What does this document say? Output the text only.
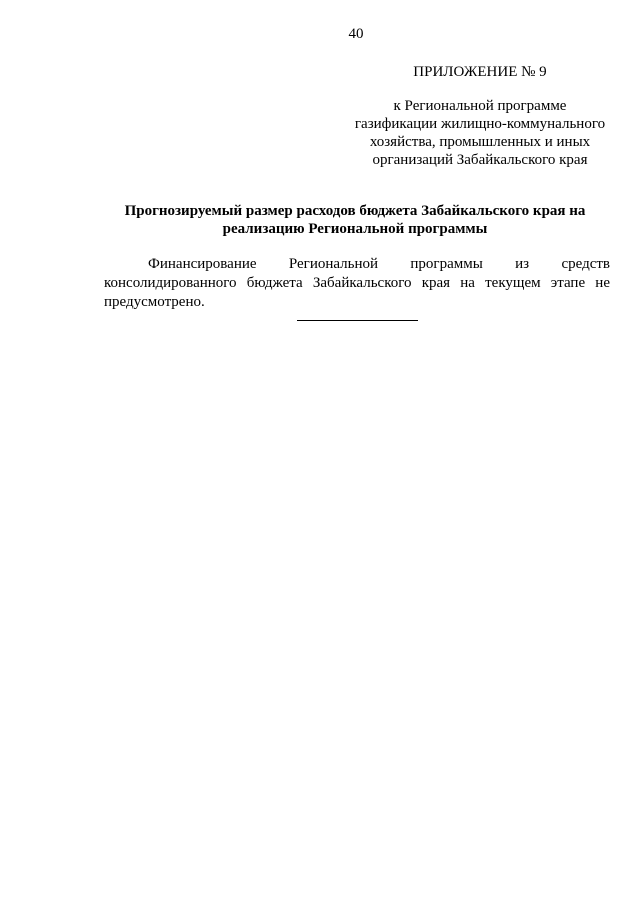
40
ПРИЛОЖЕНИЕ № 9
к Региональной программе
газификации жилищно-коммунального
хозяйства, промышленных и иных
организаций Забайкальского края
Прогнозируемый размер расходов бюджета Забайкальского края на
реализацию Региональной программы

Финансирование Региональной программы из средств консолидированного бюджета Забайкальского края на текущем этапе не предусмотрено.
